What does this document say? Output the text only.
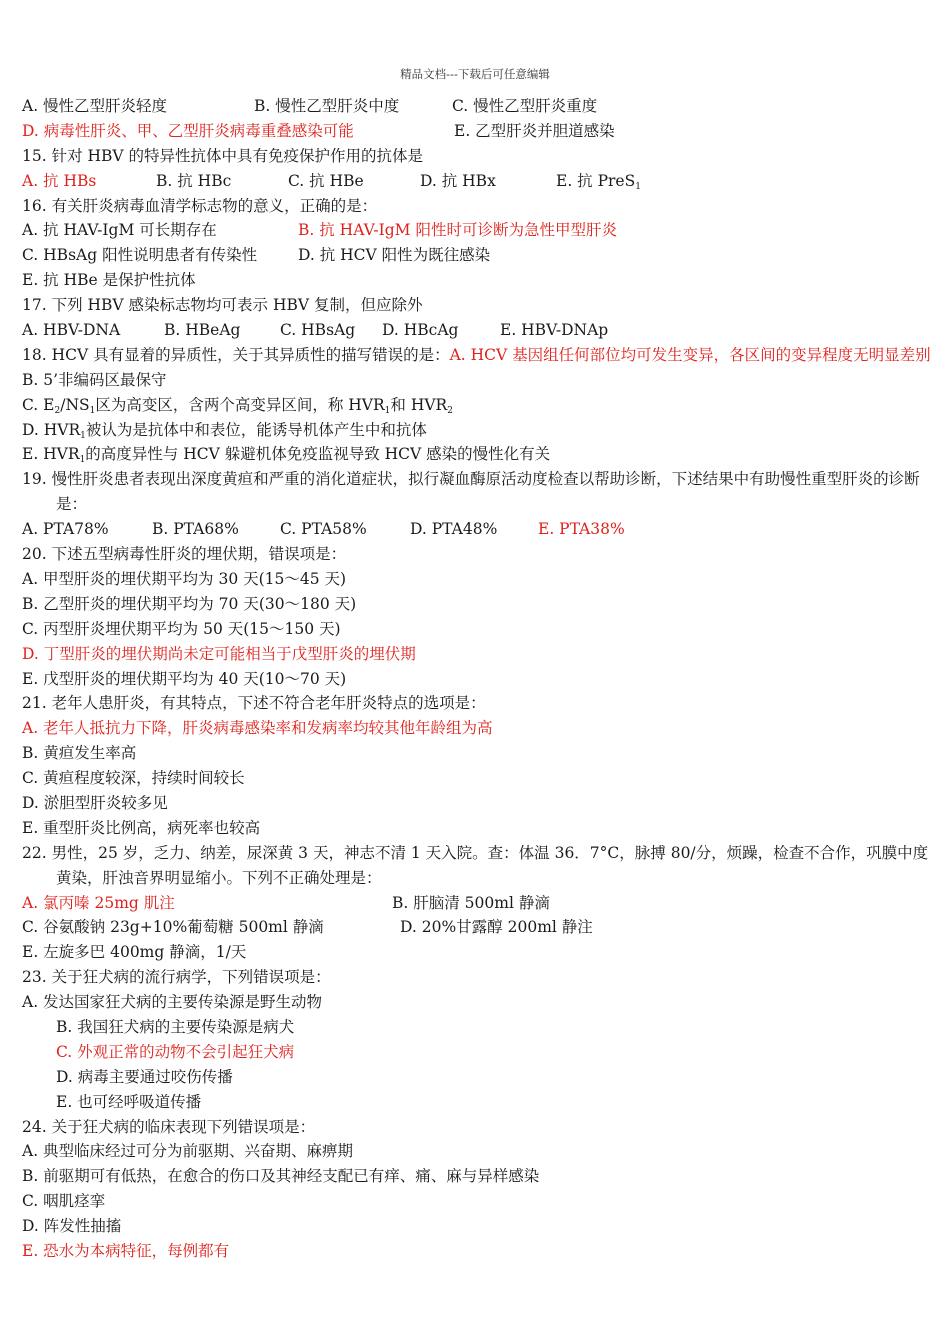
精品文档---下载后可任意编辑
A. 慢性乙型肝炎轻度	B. 慢性乙型肝炎中度	C. 慢性乙型肝炎重度
D. 病毒性肝炎、甲、乙型肝炎病毒重叠感染可能	E. 乙型肝炎并胆道感染
15. 针对 HBV 的特异性抗体中具有免疫保护作用的抗体是
A. 抗 HBs	B. 抗 HBc	C. 抗 HBe	D. 抗 HBx	E. 抗 PreS$_1$
16. 有关肝炎病毒血清学标志物的意义，正确的是：
A. 抗 HAV-IgM 可长期存在	B. 抗 HAV-IgM 阳性时可诊断为急性甲型肝炎
C. HBsAg 阳性说明患者有传染性	D. 抗 HCV 阳性为既往感染
E. 抗 HBe 是保护性抗体
17. 下列 HBV 感染标志物均可表示 HBV 复制，但应除外
A. HBV-DNA	B. HBeAg	C. HBsAg D. HBcAg	E. HBV-DNAp
18. HCV 具有显着的异质性，关于其异质性的描写错误的是：A. HCV 基因组任何部位均可发生变异，各区间的变异程度无明显差别
B. 5’非编码区最保守
C. $E_2/NS_1$区为高变区，含两个高变异区间，称 $HVR_1$和 $HVR_2$
D. $HVR_1$被认为是抗体中和表位，能诱导机体产生中和抗体
E. $HVR_1$的高度异性与 HCV 躲避机体免疫监视导致 HCV 感染的慢性化有关
19. 慢性肝炎患者表现出深度黄疸和严重的消化道症状，拟行凝血酶原活动度检查以帮助诊断，下述结果中有助慢性重型肝炎的诊断是：
A. PTA78%	B. PTA68%	C. PTA58%	D. PTA48%	E. PTA38%
20. 下述五型病毒性肝炎的埋伏期，错误项是：
A. 甲型肝炎的埋伏期平均为 30 天(15～45 天)
B. 乙型肝炎的埋伏期平均为 70 天(30～180 天)
C. 丙型肝炎埋伏期平均为 50 天(15～150 天)
D. 丁型肝炎的埋伏期尚未定可能相当于戊型肝炎的埋伏期
E. 戊型肝炎的埋伏期平均为 40 天(10～70 天)
21. 老年人患肝炎，有其特点，下述不符合老年肝炎特点的选项是：
A. 老年人抵抗力下降，肝炎病毒感染率和发病率均较其他年龄组为高
B. 黄疸发生率高
C. 黄疸程度较深，持续时间较长
D. 淤胆型肝炎较多见
E. 重型肝炎比例高，病死率也较高
22. 男性，25 岁，乏力、纳差，尿深黄 3 天，神志不清 1 天入院。查：体温 36．7°C，脉搏 80/分，烦躁，检查不合作，巩膜中度黄染，肝浊音界明显缩小。下列不正确处理是：
A. 氯丙嗪 25mg 肌注	B. 肝脑清 500ml 静滴
C. 谷氨酸钠 23g+10%葡萄糖 500ml 静滴	D. 20%甘露醇 200ml 静注
E. 左旋多巴 400mg 静滴，1/天
23. 关于狂犬病的流行病学，下列错误项是：
A. 发达国家狂犬病的主要传染源是野生动物
B. 我国狂犬病的主要传染源是病犬
C. 外观正常的动物不会引起狂犬病
D. 病毒主要通过咬伤传播
E. 也可经呼吸道传播
24. 关于狂犬病的临床表现下列错误项是：
A. 典型临床经过可分为前驱期、兴奋期、麻痹期
B. 前驱期可有低热，在愈合的伤口及其神经支配已有痒、痛、麻与异样感染
C. 咽肌痉挛
D. 阵发性抽搐
E. 恐水为本病特征，每例都有
